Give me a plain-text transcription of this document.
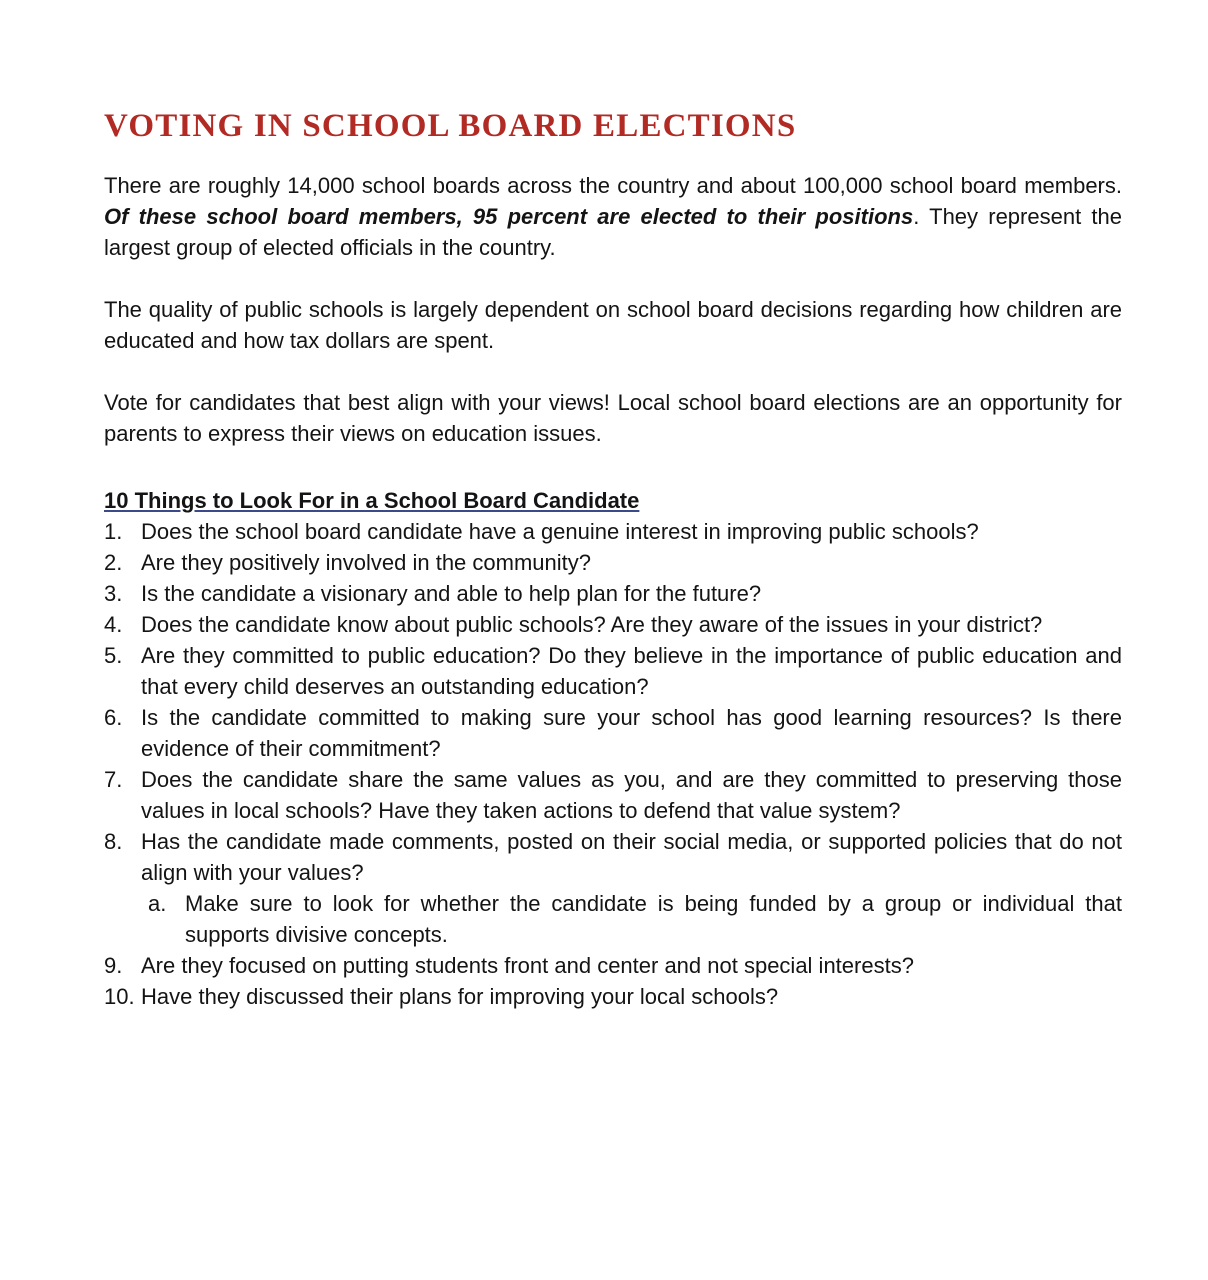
VOTING IN SCHOOL BOARD ELECTIONS

There are roughly 14,000 school boards across the country and about 100,000 school board members. Of these school board members, 95 percent are elected to their positions. They represent the largest group of elected officials in the country.

The quality of public schools is largely dependent on school board decisions regarding how children are educated and how tax dollars are spent.

Vote for candidates that best align with your views! Local school board elections are an opportunity for parents to express their views on education issues.

10 Things to Look For in a School Board Candidate
1. Does the school board candidate have a genuine interest in improving public schools?
2. Are they positively involved in the community?
3. Is the candidate a visionary and able to help plan for the future?
4. Does the candidate know about public schools? Are they aware of the issues in your district?
5. Are they committed to public education? Do they believe in the importance of public education and that every child deserves an outstanding education?
6. Is the candidate committed to making sure your school has good learning resources? Is there evidence of their commitment?
7. Does the candidate share the same values as you, and are they committed to preserving those values in local schools? Have they taken actions to defend that value system?
8. Has the candidate made comments, posted on their social media, or supported policies that do not align with your values?
a. Make sure to look for whether the candidate is being funded by a group or individual that supports divisive concepts.
9. Are they focused on putting students front and center and not special interests?
10. Have they discussed their plans for improving your local schools?
